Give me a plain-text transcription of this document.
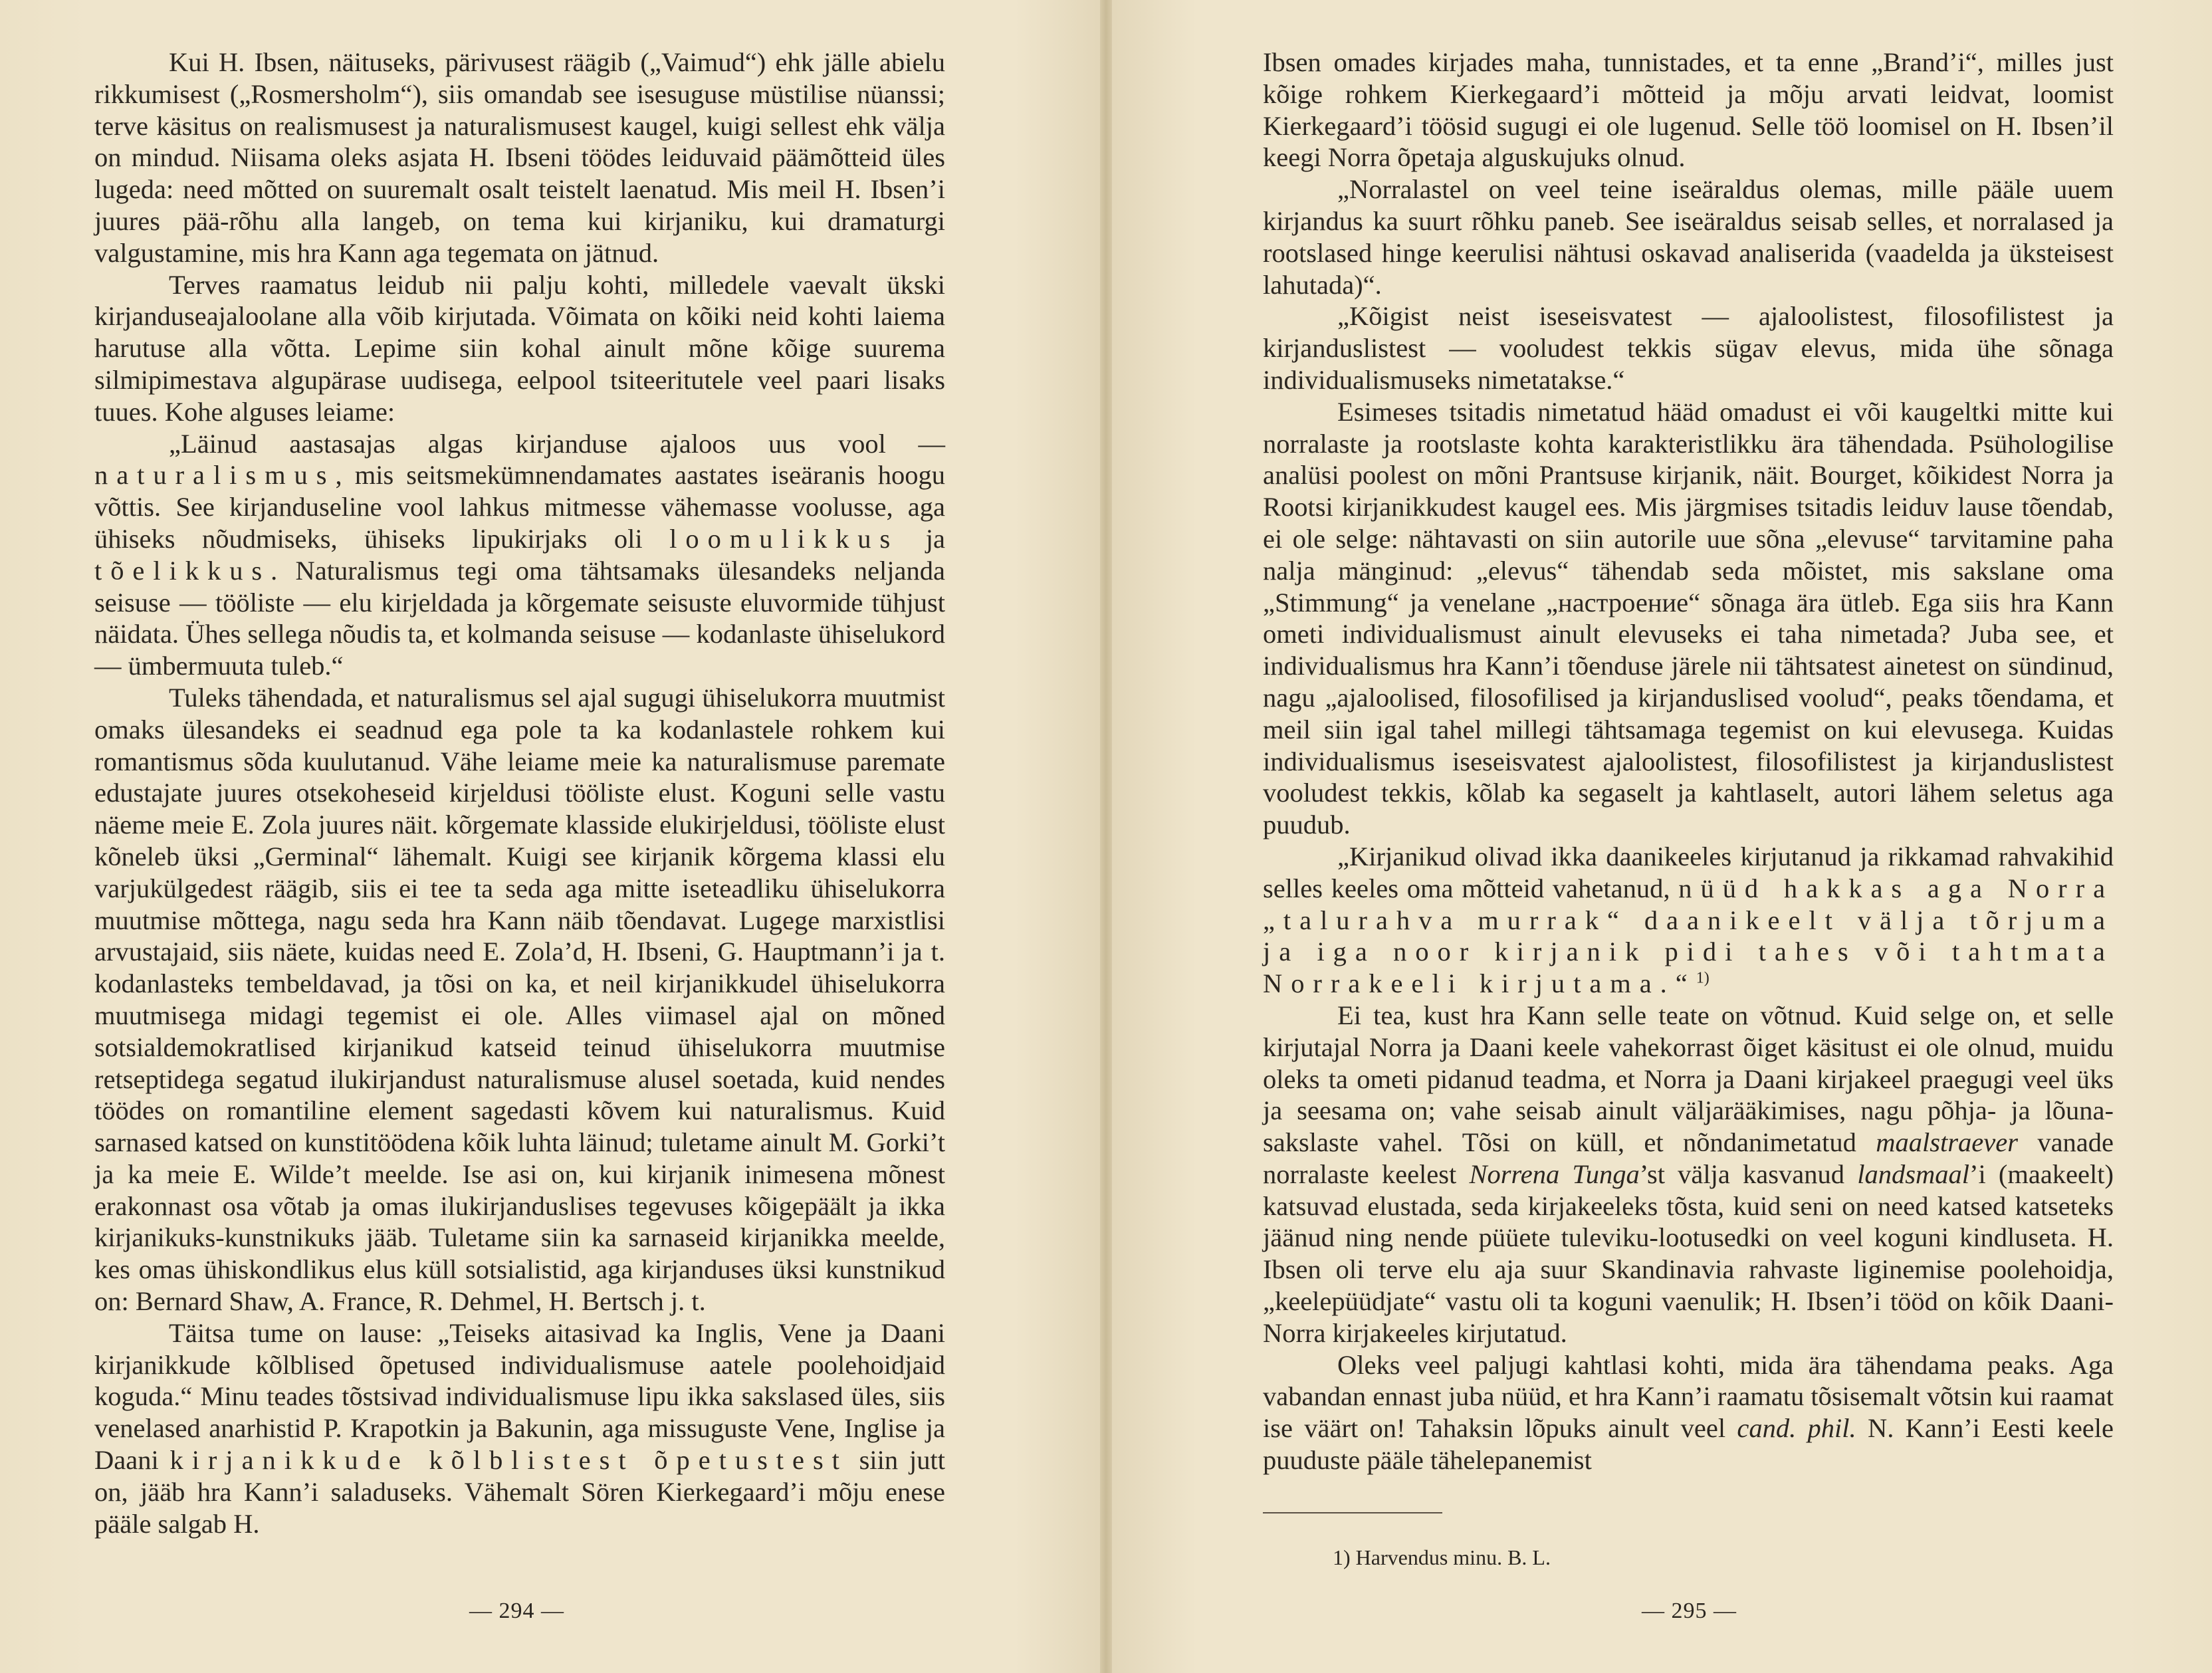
Kui H. Ibsen, näituseks, pärivusest räägib („Vaimud“) ehk jälle abielu rikkumisest („Rosmersholm“), siis omandab see isesuguse müstilise nüanssi; terve käsitus on realismusest ja naturalismusest kaugel, kuigi sellest ehk välja on mindud. Niisama oleks asjata H. Ibseni töödes leiduvaid päämõtteid üles lugeda: need mõtted on suuremalt osalt teistelt laenatud. Mis meil H. Ibsen’i juures pää-rõhu alla langeb, on tema kui kirjaniku, kui dramaturgi valgustamine, mis hra Kann aga tegemata on jätnud.

Terves raamatus leidub nii palju kohti, milledele vaevalt ükski kirjanduseajaloolane alla võib kirjutada. Võimata on kõiki neid kohti laiema harutuse alla võtta. Lepime siin kohal ainult mõne kõige suurema silmipimestava algupärase uudisega, eelpool tsiteeritutele veel paari lisaks tuues. Kohe alguses leiame:

„Läinud aastasajas algas kirjanduse ajaloos uus vool — naturalismus, mis seitsmekümnendamates aastates iseäranis hoogu võttis. See kirjanduseline vool lahkus mitmesse vähemasse voolusse, aga ühiseks nõudmiseks, ühiseks lipukirjaks oli loomulikkus ja tõelikkus. Naturalismus tegi oma tähtsamaks ülesandeks neljanda seisuse — tööliste — elu kirjeldada ja kõrgemate seisuste eluvormide tühjust näidata. Ühes sellega nõudis ta, et kolmanda seisuse — kodanlaste ühiselukord — ümbermuuta tuleb.“

Tuleks tähendada, et naturalismus sel ajal sugugi ühiselukorra muutmist omaks ülesandeks ei seadnud ega pole ta ka kodanlastele rohkem kui romantismus sõda kuulutanud. Vähe leiame meie ka naturalismuse paremate edustajate juures otsekoheseid kirjeldusi tööliste elust. Koguni selle vastu näeme meie E. Zola juures näit. kõrgemate klasside elukirjeldusi, tööliste elust kõneleb üksi „Germinal“ lähemalt. Kuigi see kirjanik kõrgema klassi elu varjukülgedest räägib, siis ei tee ta seda aga mitte iseteadliku ühiselukorra muutmise mõttega, nagu seda hra Kann näib tõendavat. Lugege marxistlisi arvustajaid, siis näete, kuidas need E. Zola’d, H. Ibseni, G. Hauptmann’i ja t. kodanlasteks tembeldavad, ja tõsi on ka, et neil kirjanikkudel ühiselukorra muutmisega midagi tegemist ei ole. Alles viimasel ajal on mõned sotsialdemokratlised kirjanikud katseid teinud ühiselukorra muutmise retseptidega segatud ilukirjandust naturalismuse alusel soetada, kuid nendes töödes on romantiline element sagedasti kõvem kui naturalismus. Kuid sarnased katsed on kunstitöödena kõik luhta läinud; tuletame ainult M. Gorki’t ja ka meie E. Wilde’t meelde. Ise asi on, kui kirjanik inimesena mõnest erakonnast osa võtab ja omas ilukirjanduslises tegevuses kõigepäält ja ikka kirjanikuks-kunstnikuks jääb. Tuletame siin ka sarnaseid kirjanikka meelde, kes omas ühiskondlikus elus küll sotsialistid, aga kirjanduses üksi kunstnikud on: Bernard Shaw, A. France, R. Dehmel, H. Bertsch j. t.

Täitsa tume on lause: „Teiseks aitasivad ka Inglis, Vene ja Daani kirjanikkude kõlblised õpetused individualismuse aatele poolehoidjaid koguda.“ Minu teades tõstsivad individualismuse lipu ikka sakslased üles, siis venelased anarhistid P. Krapotkin ja Bakunin, aga missuguste Vene, Inglise ja Daani kirjanikkude kõlblistest õpetustest siin jutt on, jääb hra Kann’i saladuseks. Vähemalt Sören Kierkegaard’i mõju enese pääle salgab H.

— 294 —

Ibsen omades kirjades maha, tunnistades, et ta enne „Brand’i“, milles just kõige rohkem Kierkegaard’i mõtteid ja mõju arvati leidvat, loomist Kierkegaard’i töösid sugugi ei ole lugenud. Selle töö loomisel on H. Ibsen’il keegi Norra õpetaja alguskujuks olnud.

„Norralastel on veel teine iseäraldus olemas, mille pääle uuem kirjandus ka suurt rõhku paneb. See iseäraldus seisab selles, et norralased ja rootslased hinge keerulisi nähtusi oskavad analiserida (vaadelda ja üksteisest lahutada)“.

„Kõigist neist iseseisvatest — ajaloolistest, filosofilistest ja kirjanduslistest — vooludest tekkis sügav elevus, mida ühe sõnaga individualismuseks nimetatakse.“

Esimeses tsitadis nimetatud hääd omadust ei või kaugeltki mitte kui norralaste ja rootslaste kohta karakteristlikku ära tähendada. Psühologilise analüsi poolest on mõni Prantsuse kirjanik, näit. Bourget, kõikidest Norra ja Rootsi kirjanikkudest kaugel ees. Mis järgmises tsitadis leiduv lause tõendab, ei ole selge: nähtavasti on siin autorile uue sõna „elevuse“ tarvitamine paha nalja mänginud: „elevus“ tähendab seda mõistet, mis sakslane oma „Stimmung“ ja venelane „настроение“ sõnaga ära ütleb. Ega siis hra Kann ometi individualismust ainult elevuseks ei taha nimetada? Juba see, et individualismus hra Kann’i tõenduse järele nii tähtsatest ainetest on sündinud, nagu „ajaloolised, filosofilised ja kirjanduslised voolud“, peaks tõendama, et meil siin igal tahel millegi tähtsamaga tegemist on kui elevusega. Kuidas individualismus iseseisvatest ajaloolistest, filosofilistest ja kirjanduslistest vooludest tekkis, kõlab ka segaselt ja kahtlaselt, autori lähem seletus aga puudub.

„Kirjanikud olivad ikka daanikeeles kirjutanud ja rikkamad rahvakihid selles keeles oma mõtteid vahetanud, nüüd hakkas aga Norra „talurahva murrak“ daanikeelt välja tõrjuma ja iga noor kirjanik pidi tahes või tahtmata Norrakeeli kirjutama.“$^{1)}$

Ei tea, kust hra Kann selle teate on võtnud. Kuid selge on, et selle kirjutajal Norra ja Daani keele vahekorrast õiget käsitust ei ole olnud, muidu oleks ta ometi pidanud teadma, et Norra ja Daani kirjakeel praegugi veel üks ja seesama on; vahe seisab ainult väljarääkimises, nagu põhja- ja lõuna-sakslaste vahel. Tõsi on küll, et nõndanimetatud maalstraever vanade norralaste keelest Norrena Tunga’st välja kasvanud landsmaal’i (maakeelt) katsuvad elustada, seda kirjakeeleks tõsta, kuid seni on need katsed katseteks jäänud ning nende püüete tuleviku-lootusedki on veel koguni kindluseta. H. Ibsen oli terve elu aja suur Skandinavia rahvaste liginemise poolehoidja, „keelepüüdjate“ vastu oli ta koguni vaenulik; H. Ibsen’i tööd on kõik Daani-Norra kirjakeeles kirjutatud.

Oleks veel paljugi kahtlasi kohti, mida ära tähendama peaks. Aga vabandan ennast juba nüüd, et hra Kann’i raamatu tõsisemalt võtsin kui raamat ise väärt on! Tahaksin lõpuks ainult veel cand. phil. N. Kann’i Eesti keele puuduste pääle tähelepanemist

1) Harvendus minu. B. L.
— 295 —
